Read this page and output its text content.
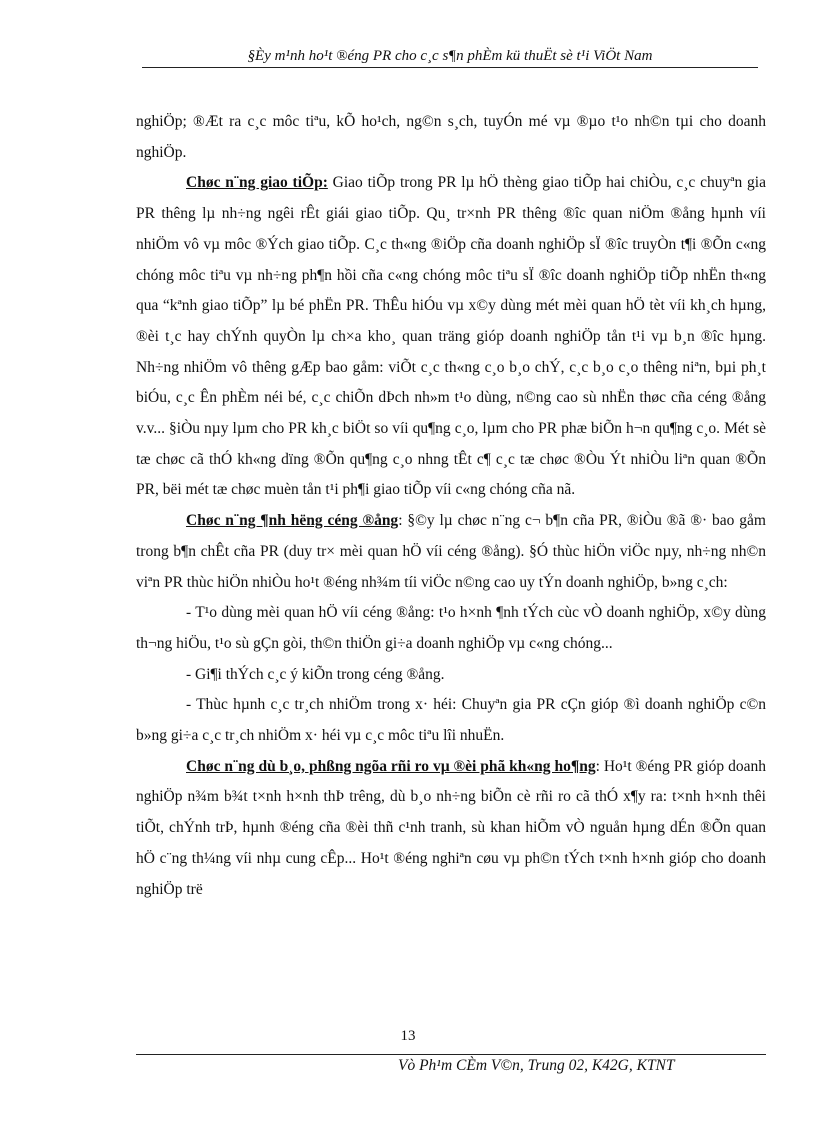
§Èy m¹nh ho¹t ®éng PR cho c¸c s¶n phÈm kü thuËt sè t¹i ViÖt Nam

nghiÖp; ®Æt ra c¸c môc tiªu, kÕ ho¹ch, ng©n s¸ch, tuyÓn mé vµ ®µo t¹o nh©n tµi cho doanh nghiÖp.

Chøc n¨ng giao tiÕp: Giao tiÕp trong PR lµ hÖ thèng giao tiÕp hai chiÒu, c¸c chuyªn gia PR thêng lµ nh÷ng ngêi rÊt giái giao tiÕp. Qu¸ tr×nh PR thêng ®îc quan niÖm ®ång hµnh víi nhiÖm vô vµ môc ®Ých giao tiÕp. C¸c th«ng ®iÖp cña doanh nghiÖp sÏ ®îc truyÒn t¶i ®Õn c«ng chóng môc tiªu vµ nh÷ng ph¶n hồi cña c«ng chóng môc tiªu sÏ ®îc doanh nghiÖp tiÕp nhËn th«ng qua “kªnh giao tiÕp” lµ bé phËn PR. ThÊu hiÓu vµ x©y dùng mét mèi quan hÖ tèt víi kh¸ch hµng, ®èi t¸c hay chÝnh quyÒn lµ ch×a kho¸ quan träng gióp doanh nghiÖp tån t¹i vµ b¸n ®îc hµng. Nh÷ng nhiÖm vô thêng gÆp bao gåm: viÕt c¸c th«ng c¸o b¸o chÝ, c¸c b¸o c¸o thêng niªn, bµi ph¸t biÓu, c¸c Ên phÈm néi bé, c¸c chiÕn dÞch nh»m t¹o dùng, n©ng cao sù nhËn thøc cña céng ®ång v.v... §iÒu nµy lµm cho PR kh¸c biÖt so víi qu¶ng c¸o, lµm cho PR phæ biÕn h¬n qu¶ng c¸o. Mét sè tæ chøc cã thÓ kh«ng dïng ®Õn qu¶ng c¸o nhng tÊt c¶ c¸c tæ chøc ®Òu Ýt nhiÒu liªn quan ®Õn PR, bëi mét tæ chøc muèn tån t¹i ph¶i giao tiÕp víi c«ng chóng cña nã.

Chøc n¨ng ¶nh hëng céng ®ång: §©y lµ chøc n¨ng c¬ b¶n cña PR, ®iÒu ®ã ®· bao gåm trong b¶n chÊt cña PR (duy tr× mèi quan hÖ víi céng ®ång). §Ó thùc hiÖn viÖc nµy, nh÷ng nh©n viªn PR thùc hiÖn nhiÒu ho¹t ®éng nh¾m tíi viÖc n©ng cao uy tÝn doanh nghiÖp, b»ng c¸ch:

- T¹o dùng mèi quan hÖ víi céng ®ång: t¹o h×nh ¶nh tÝch cùc vÒ doanh nghiÖp, x©y dùng th¬ng hiÖu, t¹o sù gÇn gòi, th©n thiÖn gi÷a doanh nghiÖp vµ c«ng chóng...

- Gi¶i thÝch c¸c ý kiÕn trong céng ®ång.

- Thùc hµnh c¸c tr¸ch nhiÖm trong x· héi: Chuyªn gia PR cÇn gióp ®ì doanh nghiÖp c©n b»ng gi÷a c¸c tr¸ch nhiÖm x· héi vµ c¸c môc tiªu lîi nhuËn.

Chøc n¨ng dù b¸o, phßng ngõa rñi ro vµ ®èi phã kh«ng ho¶ng: Ho¹t ®éng PR gióp doanh nghiÖp n¾m b¾t t×nh h×nh thÞ trêng, dù b¸o nh÷ng biÕn cè rñi ro cã thÓ x¶y ra: t×nh h×nh thêi tiÕt, chÝnh trÞ, hµnh ®éng cña ®èi thñ c¹nh tranh, sù khan hiÕm vÒ nguån hµng dÉn ®Õn quan hÖ c¨ng th¼ng víi nhµ cung cÊp... Ho¹t ®éng nghiªn cøu vµ ph©n tÝch t×nh h×nh gióp cho doanh nghiÖp trë

13
Vò Ph¹m CÈm V©n, Trung 02, K42G, KTNT
